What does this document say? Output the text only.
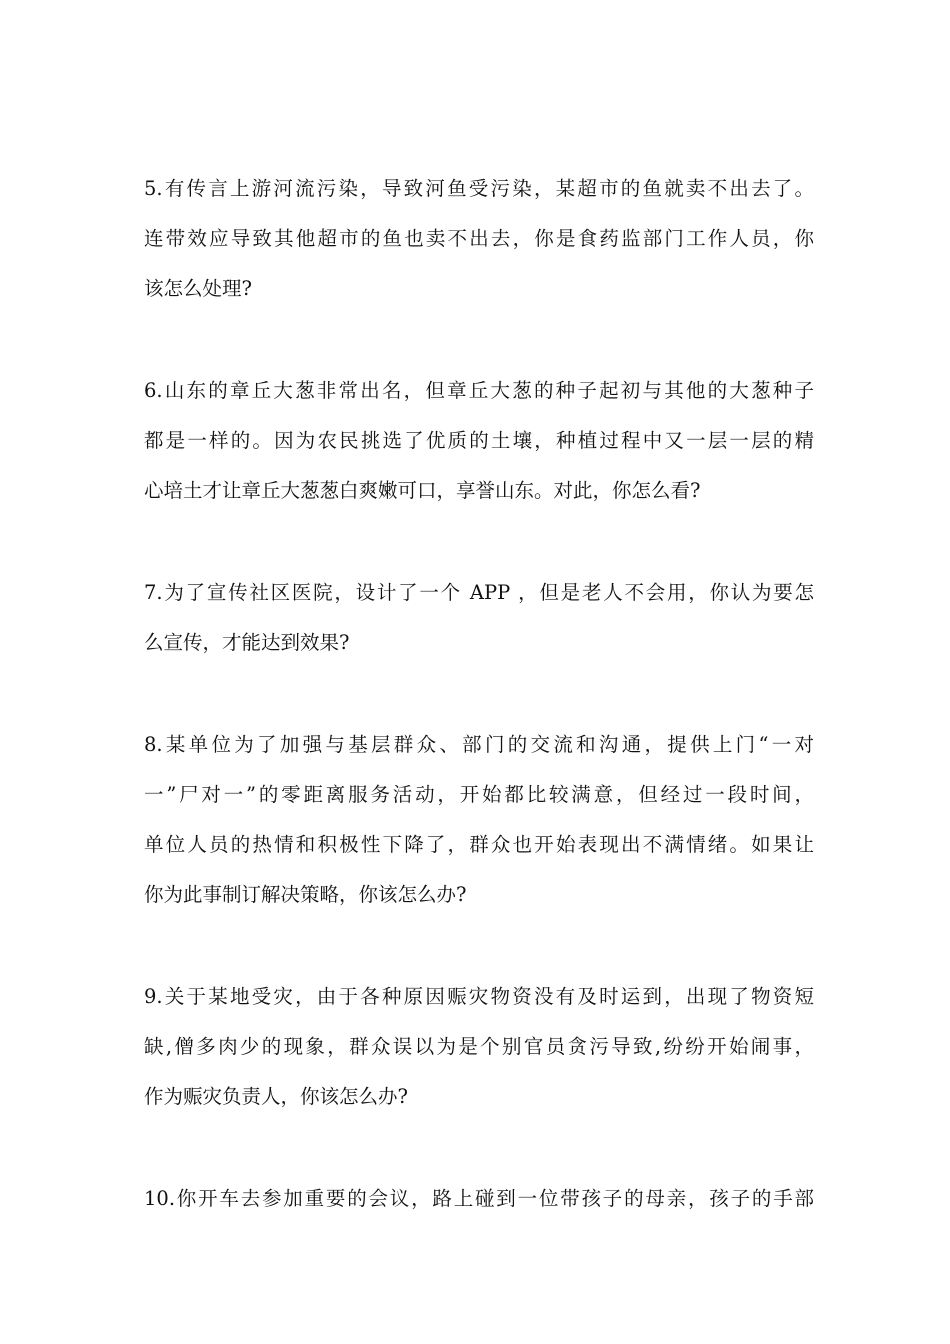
5.有传言上游河流污染，导致河鱼受污染，某超市的鱼就卖不出去了。
连带效应导致其他超市的鱼也卖不出去，你是食药监部门工作人员，你
该怎么处理?
6.山东的章丘大葱非常出名，但章丘大葱的种子起初与其他的大葱种子
都是一样的。因为农民挑选了优质的土壤，种植过程中又一层一层的精
心培土才让章丘大葱葱白爽嫩可口，享誉山东。对此，你怎么看?
7.为了宣传社区医院，设计了一个 APP ，但是老人不会用，你认为要怎
么宣传，才能达到效果?
8.某单位为了加强与基层群众、部门的交流和沟通，提供上门“一对
一”尸对一”的零距离服务活动，开始都比较满意，但经过一段时间，
单位人员的热情和积极性下降了，群众也开始表现出不满情绪。如果让
你为此事制订解决策略，你该怎么办?
9.关于某地受灾，由于各种原因赈灾物资没有及时运到，出现了物资短
缺,僧多肉少的现象，群众误以为是个别官员贪污导致,纷纷开始闹事，
作为赈灾负责人，你该怎么办?
10.你开车去参加重要的会议，路上碰到一位带孩子的母亲，孩子的手部
